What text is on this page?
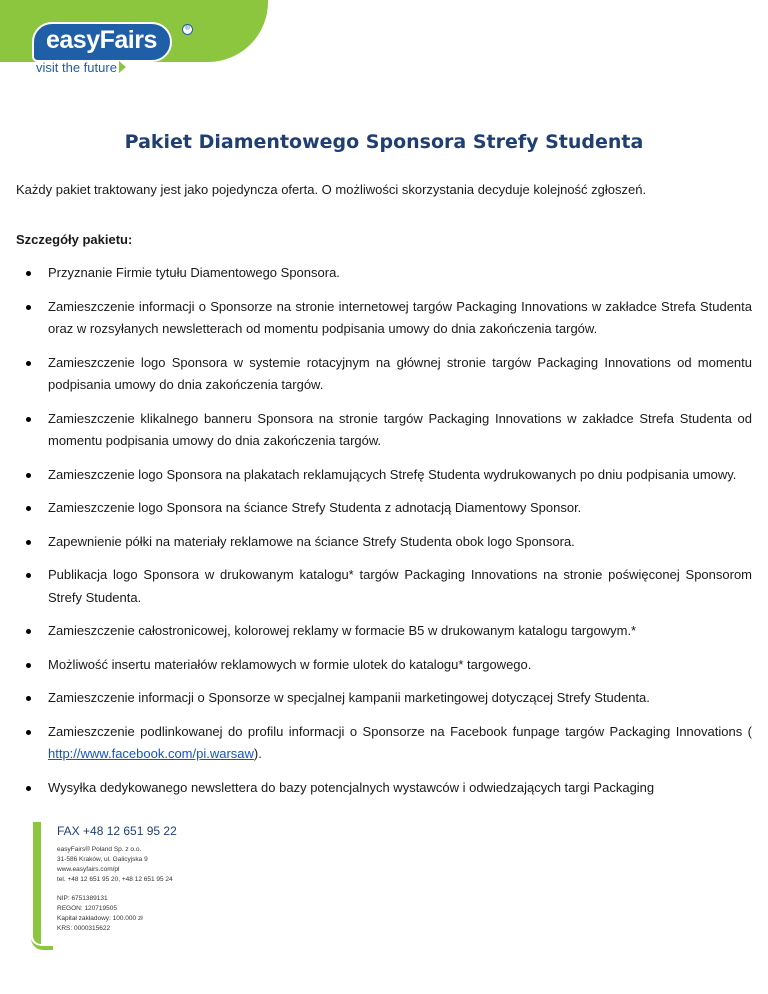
easyFairs	®
visit the future
Pakiet Diamentowego Sponsora Strefy Studenta

Każdy pakiet traktowany jest jako pojedyncza oferta. O możliwości skorzystania decyduje kolejność zgłoszeń.

Szczegóły pakietu:

Przyznanie Firmie tytułu Diamentowego Sponsora.
Zamieszczenie informacji o Sponsorze na stronie internetowej targów Packaging Innovations w zakładce Strefa Studenta oraz w rozsyłanych newsletterach od momentu podpisania umowy do dnia zakończenia targów.
Zamieszczenie logo Sponsora w systemie rotacyjnym na głównej stronie targów Packaging Innovations od momentu podpisania umowy do dnia zakończenia targów.
Zamieszczenie klikalnego banneru Sponsora na stronie targów Packaging Innovations w zakładce Strefa Studenta od momentu podpisania umowy do dnia zakończenia targów.
Zamieszczenie logo Sponsora na plakatach reklamujących Strefę Studenta wydrukowanych po dniu podpisania umowy.
Zamieszczenie logo Sponsora na ściance Strefy Studenta z adnotacją Diamentowy Sponsor.
Zapewnienie półki na materiały reklamowe na ściance Strefy Studenta obok logo Sponsora.
Publikacja logo Sponsora w drukowanym katalogu* targów Packaging Innovations na stronie poświęconej Sponsorom Strefy Studenta.
Zamieszczenie całostronicowej, kolorowej reklamy w formacie B5 w drukowanym katalogu targowym.*
Możliwość insertu materiałów reklamowych w formie ulotek do katalogu* targowego.
Zamieszczenie informacji o Sponsorze w specjalnej kampanii marketingowej dotyczącej Strefy Studenta.
Zamieszczenie podlinkowanej do profilu informacji o Sponsorze na Facebook funpage targów Packaging Innovations ( http://www.facebook.com/pi.warsaw).
Wysyłka dedykowanego newslettera do bazy potencjalnych wystawców i odwiedzających targi Packaging

FAX +48 12 651 95 22

easyFairs® Poland Sp. z o.o.
31-586 Kraków, ul. Galicyjska 9
www.easyfairs.com/pl
tel. +48 12 651 95 20, +48 12 651 95 24
NIP: 6751389131
REGON: 120719505
Kapitał zakładowy: 100.000 zł
KRS: 0000315622
